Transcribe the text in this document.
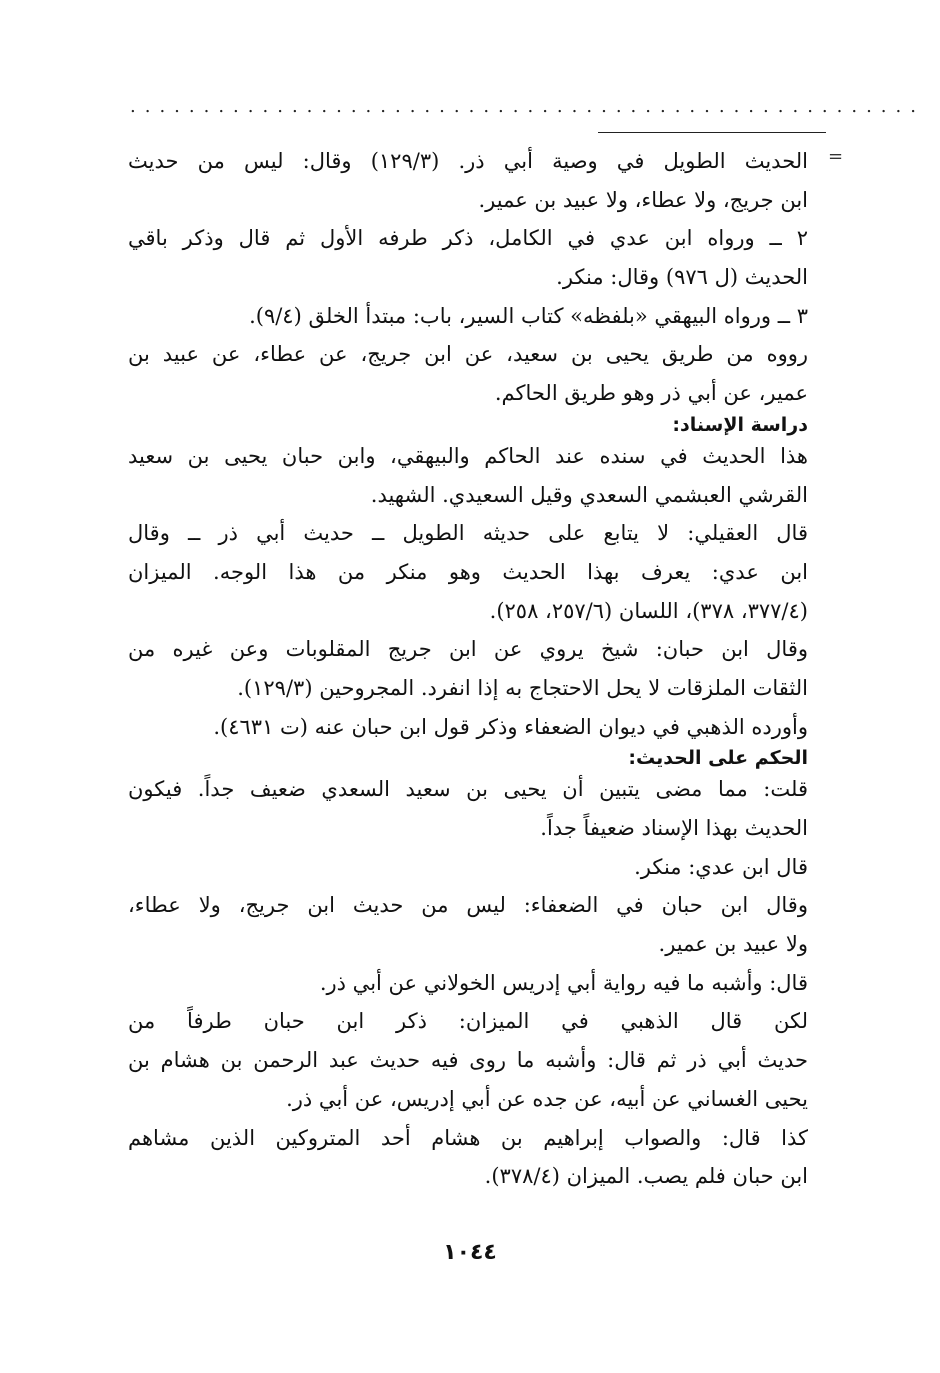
......................................................
=
الحديث الطويل في وصية أبي ذر. (١٢٩/٣) وقال: ليس من حديث
ابن جريج، ولا عطاء، ولا عبيد بن عمير.
٢ ــ ورواه ابن عدي في الكامل، ذكر طرفه الأول ثم قال وذكر باقي
الحديث (ل ٩٧٦) وقال: منكر.
٣ ــ ورواه البيهقي «بلفظه» كتاب السير، باب: مبتدأ الخلق (٩/٤).
رووه من طريق يحيى بن سعيد، عن ابن جريج، عن عطاء، عن عبيد بن
عمير، عن أبي ذر وهو طريق الحاكم.
دراسة الإسناد:
هذا الحديث في سنده عند الحاكم والبيهقي، وابن حبان يحيى بن سعيد
القرشي العبشمي السعدي وقيل السعيدي. الشهيد.
قال العقيلي: لا يتابع على حديثه الطويل ــ حديث أبي ذر ــ وقال
ابن عدي: يعرف بهذا الحديث وهو منكر من هذا الوجه. الميزان
(٣٧٧/٤، ٣٧٨)، اللسان (٢٥٧/٦، ٢٥٨).
وقال ابن حبان: شيخ يروي عن ابن جريج المقلوبات وعن غيره من
الثقات الملزقات لا يحل الاحتجاج به إذا انفرد. المجروحين (١٢٩/٣).
وأورده الذهبي في ديوان الضعفاء وذكر قول ابن حبان عنه (ت ٤٦٣١).
الحكم على الحديث:
قلت: مما مضى يتبين أن يحيى بن سعيد السعدي ضعيف جداً. فيكون
الحديث بهذا الإسناد ضعيفاً جداً.
قال ابن عدي: منكر.
وقال ابن حبان في الضعفاء: ليس من حديث ابن جريج، ولا عطاء،
ولا عبيد بن عمير.
قال: وأشبه ما فيه رواية أبي إدريس الخولاني عن أبي ذر.
لكن قال الذهبي في الميزان: ذكر ابن حبان طرفاً من
حديث أبي ذر ثم قال: وأشبه ما روى فيه حديث عبد الرحمن بن هشام بن
يحيى الغساني عن أبيه، عن جده عن أبي إدريس، عن أبي ذر.
كذا قال: والصواب إبراهيم بن هشام أحد المتروكين الذين مشاهم
ابن حبان فلم يصب. الميزان (٣٧٨/٤).
١٠٤٤
